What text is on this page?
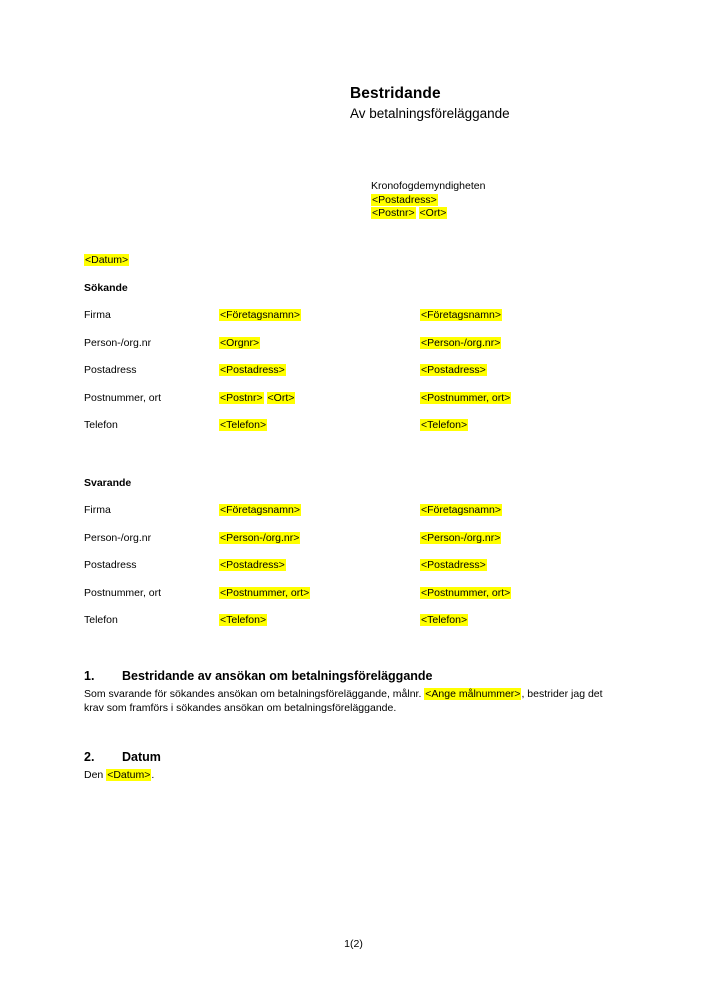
Bestridande
Av betalningsföreläggande
Kronofogdemyndigheten
<Postadress>
<Postnr> <Ort>
<Datum>
Sökande
Firma	<Företagsnamn>	<Företagsnamn>
Person-/org.nr	<Orgnr>	<Person-/org.nr>
Postadress	<Postadress>	<Postadress>
Postnummer, ort	<Postnr> <Ort>	<Postnummer, ort>
Telefon	<Telefon>	<Telefon>
Svarande
Firma	<Företagsnamn>	<Företagsnamn>
Person-/org.nr	<Person-/org.nr>	<Person-/org.nr>
Postadress	<Postadress>	<Postadress>
Postnummer, ort	<Postnummer, ort>	<Postnummer, ort>
Telefon	<Telefon>	<Telefon>
1.	Bestridande av ansökan om betalningsföreläggande

Som svarande för sökandes ansökan om betalningsföreläggande, målnr. <Ange målnummer>, bestrider jag det krav som framförs i sökandes ansökan om betalningsföreläggande.

2.	Datum

Den <Datum>.

1(2)
